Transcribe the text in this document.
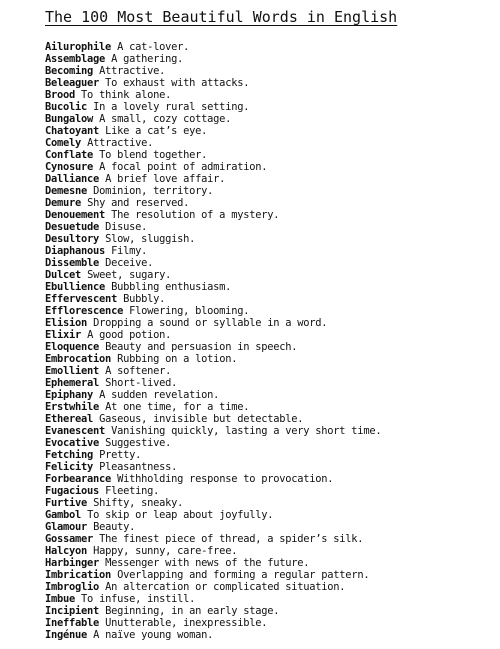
The 100 Most Beautiful Words in English
Ailurophile A cat-lover.
Assemblage A gathering.
Becoming Attractive.
Beleaguer To exhaust with attacks.
Brood To think alone.
Bucolic In a lovely rural setting.
Bungalow A small, cozy cottage.
Chatoyant Like a cat’s eye.
Comely Attractive.
Conflate To blend together.
Cynosure A focal point of admiration.
Dalliance A brief love affair.
Demesne Dominion, territory.
Demure Shy and reserved.
Denouement The resolution of a mystery.
Desuetude Disuse.
Desultory Slow, sluggish.
Diaphanous Filmy.
Dissemble Deceive.
Dulcet Sweet, sugary.
Ebullience Bubbling enthusiasm.
Effervescent Bubbly.
Efflorescence Flowering, blooming.
Elision Dropping a sound or syllable in a word.
Elixir A good potion.
Eloquence Beauty and persuasion in speech.
Embrocation Rubbing on a lotion.
Emollient A softener.
Ephemeral Short-lived.
Epiphany A sudden revelation.
Erstwhile At one time, for a time.
Ethereal Gaseous, invisible but detectable.
Evanescent Vanishing quickly, lasting a very short time.
Evocative Suggestive.
Fetching Pretty.
Felicity Pleasantness.
Forbearance Withholding response to provocation.
Fugacious Fleeting.
Furtive Shifty, sneaky.
Gambol To skip or leap about joyfully.
Glamour Beauty.
Gossamer The finest piece of thread, a spider’s silk.
Halcyon Happy, sunny, care-free.
Harbinger Messenger with news of the future.
Imbrication Overlapping and forming a regular pattern.
Imbroglio An altercation or complicated situation.
Imbue To infuse, instill.
Incipient Beginning, in an early stage.
Ineffable Unutterable, inexpressible.
Ingénue A naïve young woman.
